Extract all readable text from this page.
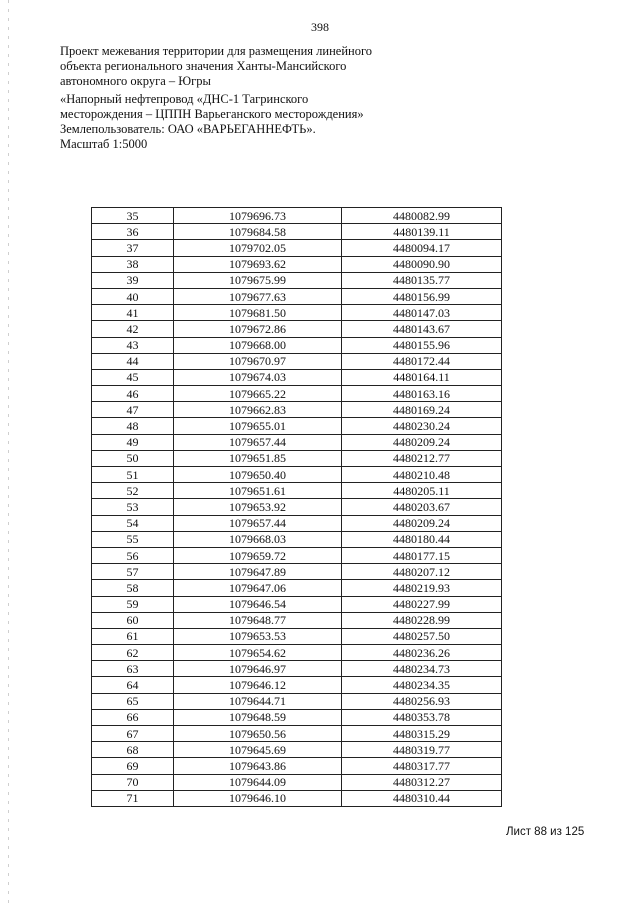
398

Проект межевания территории для размещения линейного объекта регионального значения Ханты-Мансийского автономного округа – Югры

«Напорный нефтепровод «ДНС-1 Тагринского месторождения – ЦППН Варьеганского месторождения»

Землепользователь: ОАО «ВАРЬЕГАННЕФТЬ».

Масштаб 1:5000

35	1079696.73	4480082.99
36	1079684.58	4480139.11
37	1079702.05	4480094.17
38	1079693.62	4480090.90
39	1079675.99	4480135.77
40	1079677.63	4480156.99
41	1079681.50	4480147.03
42	1079672.86	4480143.67
43	1079668.00	4480155.96
44	1079670.97	4480172.44
45	1079674.03	4480164.11
46	1079665.22	4480163.16
47	1079662.83	4480169.24
48	1079655.01	4480230.24
49	1079657.44	4480209.24
50	1079651.85	4480212.77
51	1079650.40	4480210.48
52	1079651.61	4480205.11
53	1079653.92	4480203.67
54	1079657.44	4480209.24
55	1079668.03	4480180.44
56	1079659.72	4480177.15
57	1079647.89	4480207.12
58	1079647.06	4480219.93
59	1079646.54	4480227.99
60	1079648.77	4480228.99
61	1079653.53	4480257.50
62	1079654.62	4480236.26
63	1079646.97	4480234.73
64	1079646.12	4480234.35
65	1079644.71	4480256.93
66	1079648.59	4480353.78
67	1079650.56	4480315.29
68	1079645.69	4480319.77
69	1079643.86	4480317.77
70	1079644.09	4480312.27
71	1079646.10	4480310.44
Лист 88 из 125
